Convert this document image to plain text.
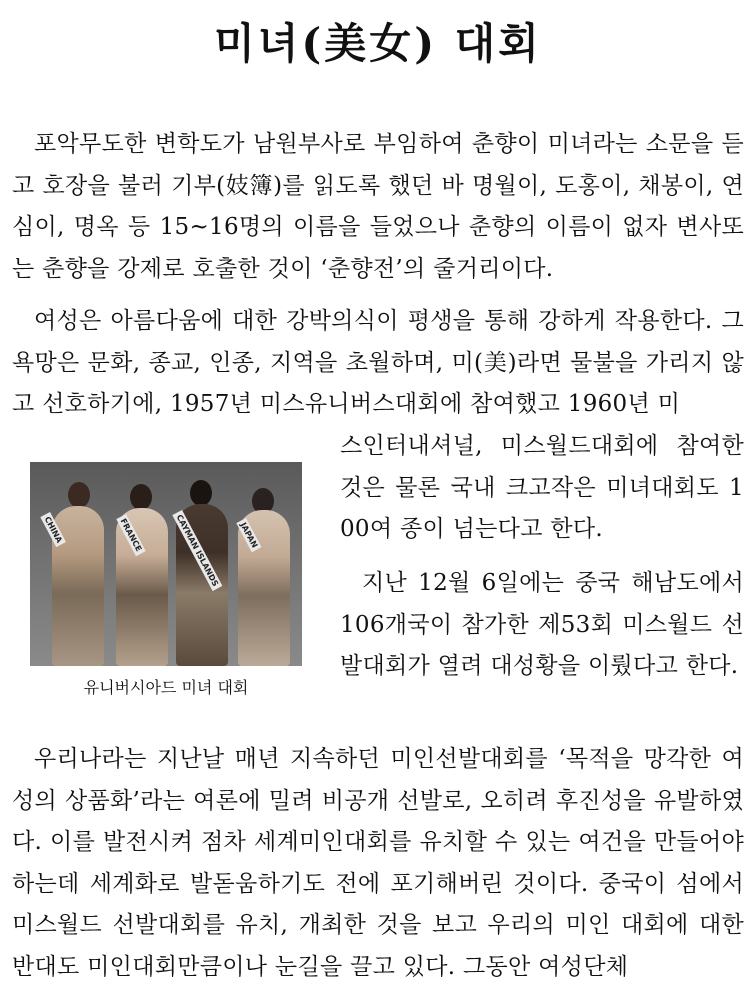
미녀(美女) 대회

포악무도한 변학도가 남원부사로 부임하여 춘향이 미녀라는 소문을 듣고 호장을 불러 기부(妓簿)를 읽도록 했던 바 명월이, 도홍이, 채봉이, 연심이, 명옥 등 15~16명의 이름을 들었으나 춘향의 이름이 없자 변사또는 춘향을 강제로 호출한 것이 ‘춘향전’의 줄거리이다.

여성은 아름다움에 대한 강박의식이 평생을 통해 강하게 작용한다. 그 욕망은 문화, 종교, 인종, 지역을 초월하며, 미(美)라면 물불을 가리지 않고 선호하기에, 1957년 미스유니버스대회에 참여했고 1960년 미

스인터내셔널, 미스월드대회에 참여한 것은 물론 국내 크고작은 미녀대회도 100여 종이 넘는다고 한다.

지난 12월 6일에는 중국 해남도에서 106개국이 참가한 제53회 미스월드 선발대회가 열려 대성황을 이뤘다고 한다.

CHINA	FRANCE	CAYMAN ISLANDS JAPAN

유니버시아드 미녀 대회

우리나라는 지난날 매년 지속하던 미인선발대회를 ‘목적을 망각한 여성의 상품화’라는 여론에 밀려 비공개 선발로, 오히려 후진성을 유발하였다. 이를 발전시켜 점차 세계미인대회를 유치할 수 있는 여건을 만들어야 하는데 세계화로 발돋움하기도 전에 포기해버린 것이다. 중국이 섬에서 미스월드 선발대회를 유치, 개최한 것을 보고 우리의 미인 대회에 대한 반대도 미인대회만큼이나 눈길을 끌고 있다. 그동안 여성단체
